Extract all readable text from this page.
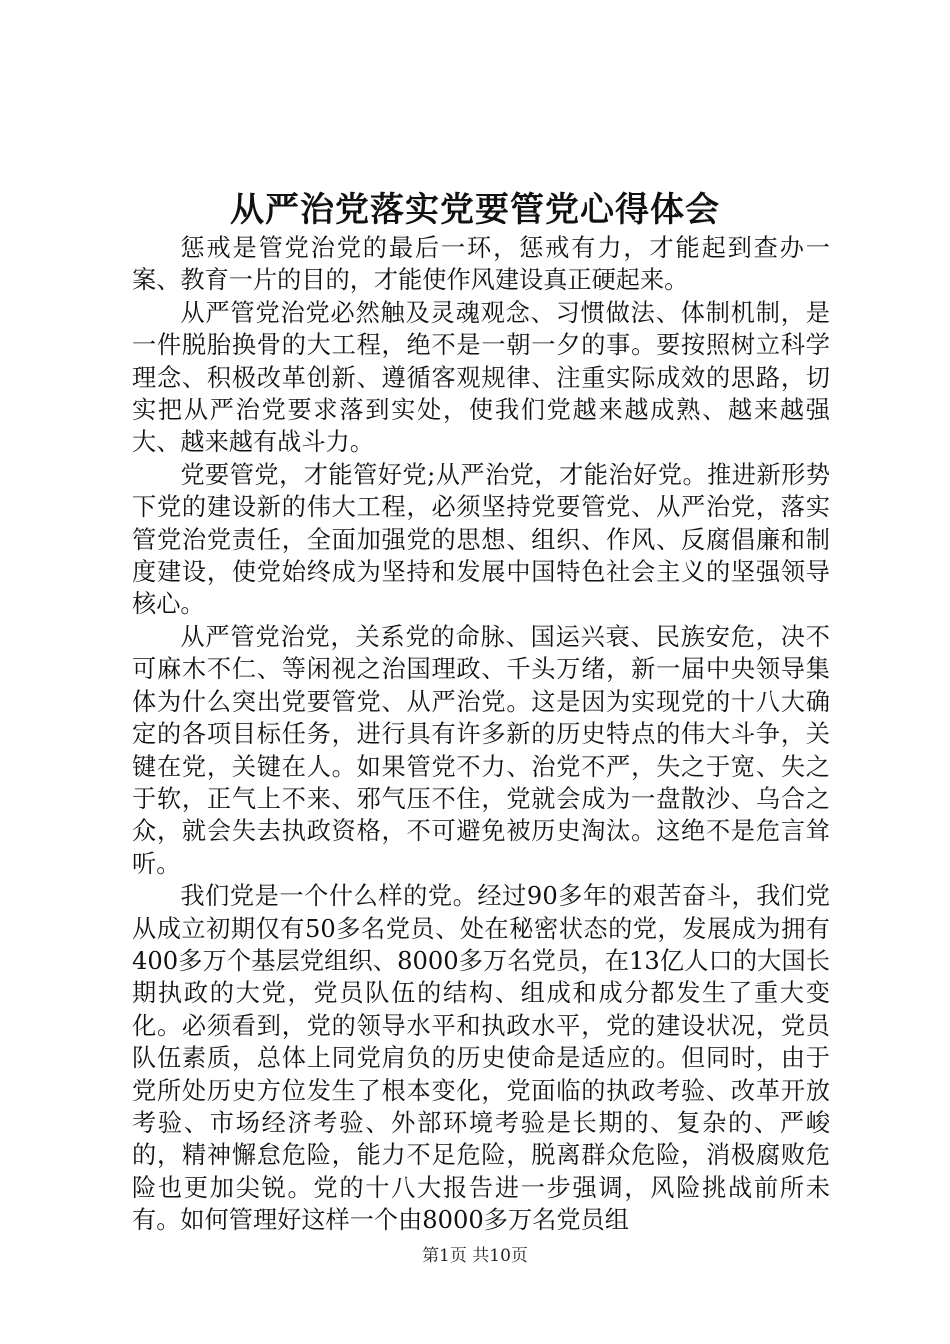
从严治党落实党要管党心得体会

惩戒是管党治党的最后一环，惩戒有力，才能起到查办一案、教育一片的目的，才能使作风建设真正硬起来。

从严管党治党必然触及灵魂观念、习惯做法、体制机制，是一件脱胎换骨的大工程，绝不是一朝一夕的事。要按照树立科学理念、积极改革创新、遵循客观规律、注重实际成效的思路，切实把从严治党要求落到实处，使我们党越来越成熟、越来越强大、越来越有战斗力。

党要管党，才能管好党;从严治党，才能治好党。推进新形势下党的建设新的伟大工程，必须坚持党要管党、从严治党，落实管党治党责任，全面加强党的思想、组织、作风、反腐倡廉和制度建设，使党始终成为坚持和发展中国特色社会主义的坚强领导核心。

从严管党治党，关系党的命脉、国运兴衰、民族安危，决不可麻木不仁、等闲视之治国理政、千头万绪，新一届中央领导集体为什么突出党要管党、从严治党。这是因为实现党的十八大确定的各项目标任务，进行具有许多新的历史特点的伟大斗争，关键在党，关键在人。如果管党不力、治党不严，失之于宽、失之于软，正气上不来、邪气压不住，党就会成为一盘散沙、乌合之众，就会失去执政资格，不可避免被历史淘汰。这绝不是危言耸听。

我们党是一个什么样的党。经过90多年的艰苦奋斗，我们党从成立初期仅有50多名党员、处在秘密状态的党，发展成为拥有400多万个基层党组织、8000多万名党员，在13亿人口的大国长期执政的大党，党员队伍的结构、组成和成分都发生了重大变化。必须看到，党的领导水平和执政水平，党的建设状况，党员队伍素质，总体上同党肩负的历史使命是适应的。但同时，由于党所处历史方位发生了根本变化，党面临的执政考验、改革开放考验、市场经济考验、外部环境考验是长期的、复杂的、严峻的，精神懈怠危险，能力不足危险，脱离群众危险，消极腐败危险也更加尖锐。党的十八大报告进一步强调，风险挑战前所未有。如何管理好这样一个由8000多万名党员组

第1页 共10页
